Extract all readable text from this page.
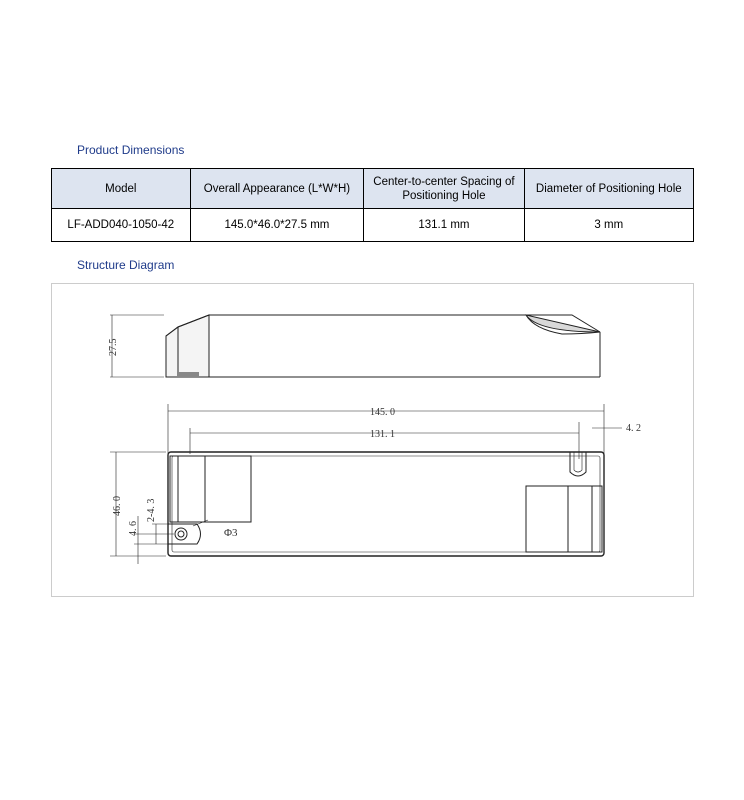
Product Dimensions
Model	Overall Appearance (L*W*H)	Center-to-center Spacing of Positioning Hole	Diameter of Positioning Hole
LF-ADD040-1050-42	145.0*46.0*27.5 mm	131.1 mm	3 mm
Structure Diagram
27.5
145. 0
131. 1
4. 2
46. 0
4. 6
2-4. 3
Φ3
